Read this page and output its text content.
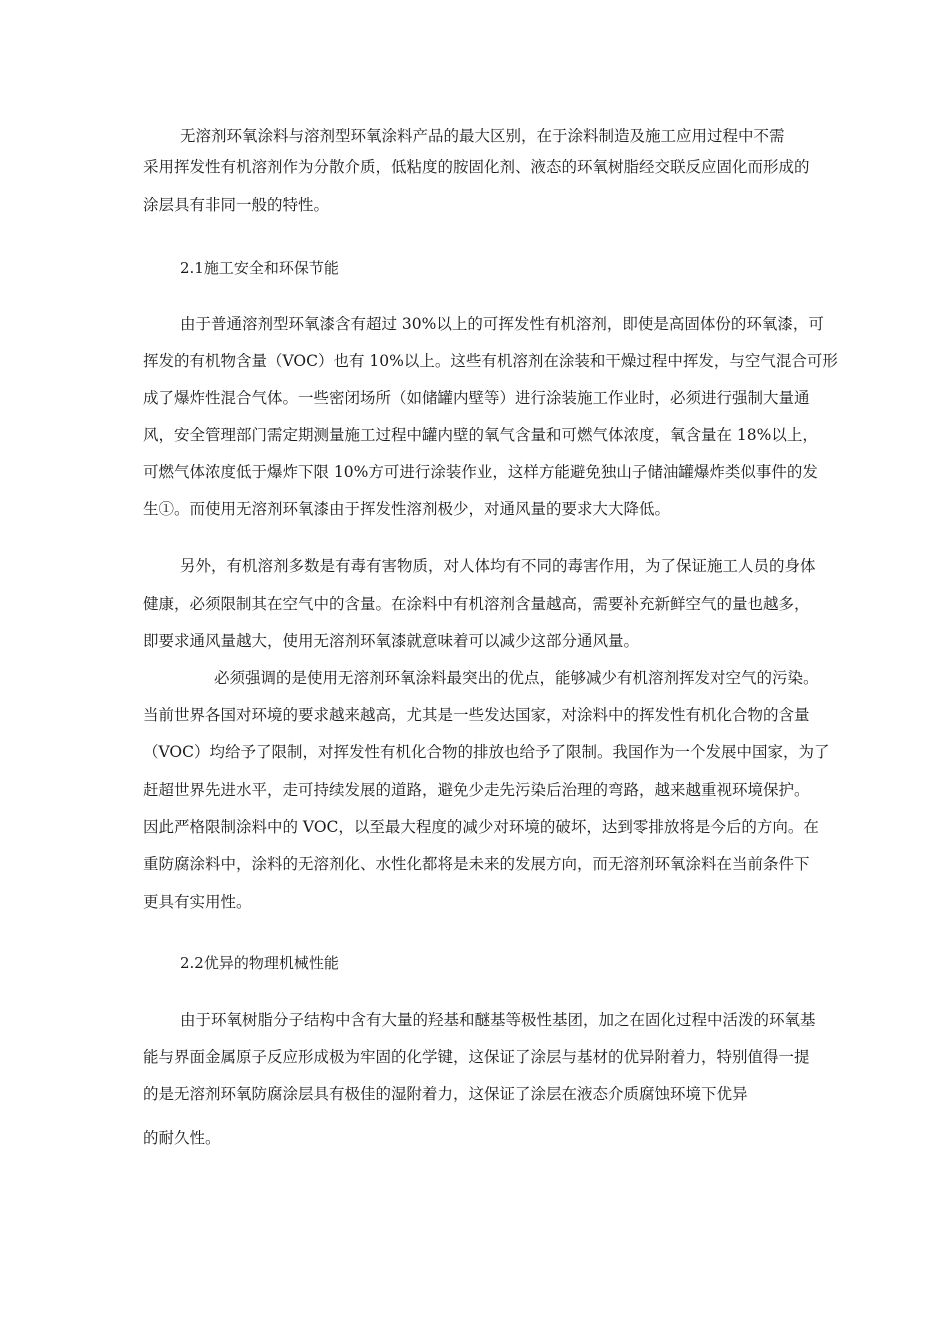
无溶剂环氧涂料与溶剂型环氧涂料产品的最大区别，在于涂料制造及施工应用过程中不需
采用挥发性有机溶剂作为分散介质，低粘度的胺固化剂、液态的环氧树脂经交联反应固化而形成的
涂层具有非同一般的特性。
2.1施工安全和环保节能
由于普通溶剂型环氧漆含有超过 30%以上的可挥发性有机溶剂，即使是高固体份的环氧漆，可
挥发的有机物含量（VOC）也有 10%以上。这些有机溶剂在涂装和干燥过程中挥发，与空气混合可形
成了爆炸性混合气体。一些密闭场所（如储罐内壁等）进行涂装施工作业时，必须进行强制大量通
风，安全管理部门需定期测量施工过程中罐内壁的氧气含量和可燃气体浓度，氧含量在 18%以上，
可燃气体浓度低于爆炸下限 10%方可进行涂装作业，这样方能避免独山子储油罐爆炸类似事件的发
生①。而使用无溶剂环氧漆由于挥发性溶剂极少，对通风量的要求大大降低。
另外，有机溶剂多数是有毒有害物质，对人体均有不同的毒害作用，为了保证施工人员的身体
健康，必须限制其在空气中的含量。在涂料中有机溶剂含量越高，需要补充新鲜空气的量也越多，
即要求通风量越大，使用无溶剂环氧漆就意味着可以减少这部分通风量。
必须强调的是使用无溶剂环氧涂料最突出的优点，能够减少有机溶剂挥发对空气的污染。
当前世界各国对环境的要求越来越高，尤其是一些发达国家，对涂料中的挥发性有机化合物的含量
（VOC）均给予了限制，对挥发性有机化合物的排放也给予了限制。我国作为一个发展中国家，为了
赶超世界先进水平，走可持续发展的道路，避免少走先污染后治理的弯路，越来越重视环境保护。
因此严格限制涂料中的 VOC，以至最大程度的减少对环境的破坏，达到零排放将是今后的方向。在
重防腐涂料中，涂料的无溶剂化、水性化都将是未来的发展方向，而无溶剂环氧涂料在当前条件下
更具有实用性。
2.2优异的物理机械性能
由于环氧树脂分子结构中含有大量的羟基和醚基等极性基团，加之在固化过程中活泼的环氧基
能与界面金属原子反应形成极为牢固的化学键，这保证了涂层与基材的优异附着力，特别值得一提
的是无溶剂环氧防腐涂层具有极佳的湿附着力，这保证了涂层在液态介质腐蚀环境下优异
的耐久性。
